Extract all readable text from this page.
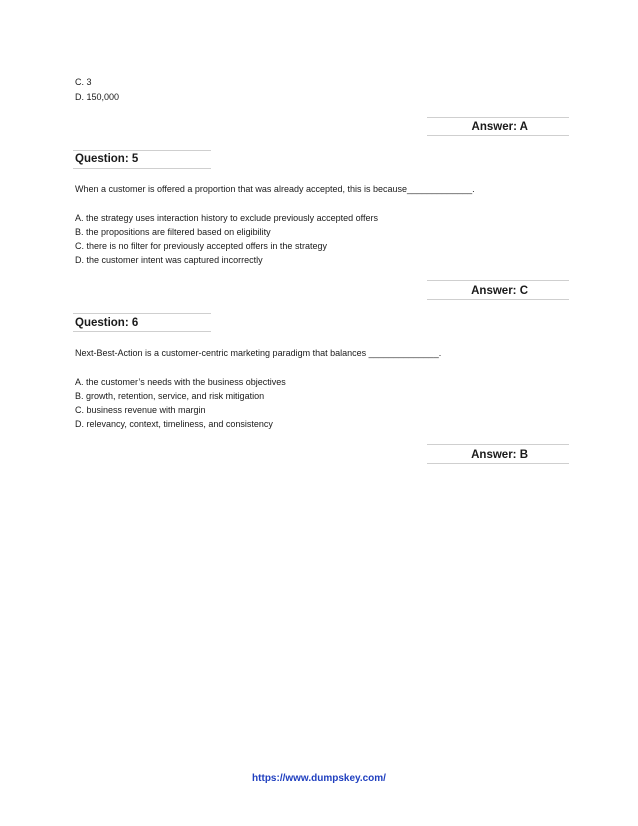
C. 3
D. 150,000
Answer: A
Question: 5
When a customer is offered a proportion that was already accepted, this is because_____________.
A. the strategy uses interaction history to exclude previously accepted offers
B. the propositions are filtered based on eligibility
C. there is no filter for previously accepted offers in the strategy
D. the customer intent was captured incorrectly
Answer: C
Question: 6
Next-Best-Action is a customer-centric marketing paradigm that balances ______________.
A. the customer’s needs with the business objectives
B. growth, retention, service, and risk mitigation
C. business revenue with margin
D. relevancy, context, timeliness, and consistency
Answer: B
https://www.dumpskey.com/
